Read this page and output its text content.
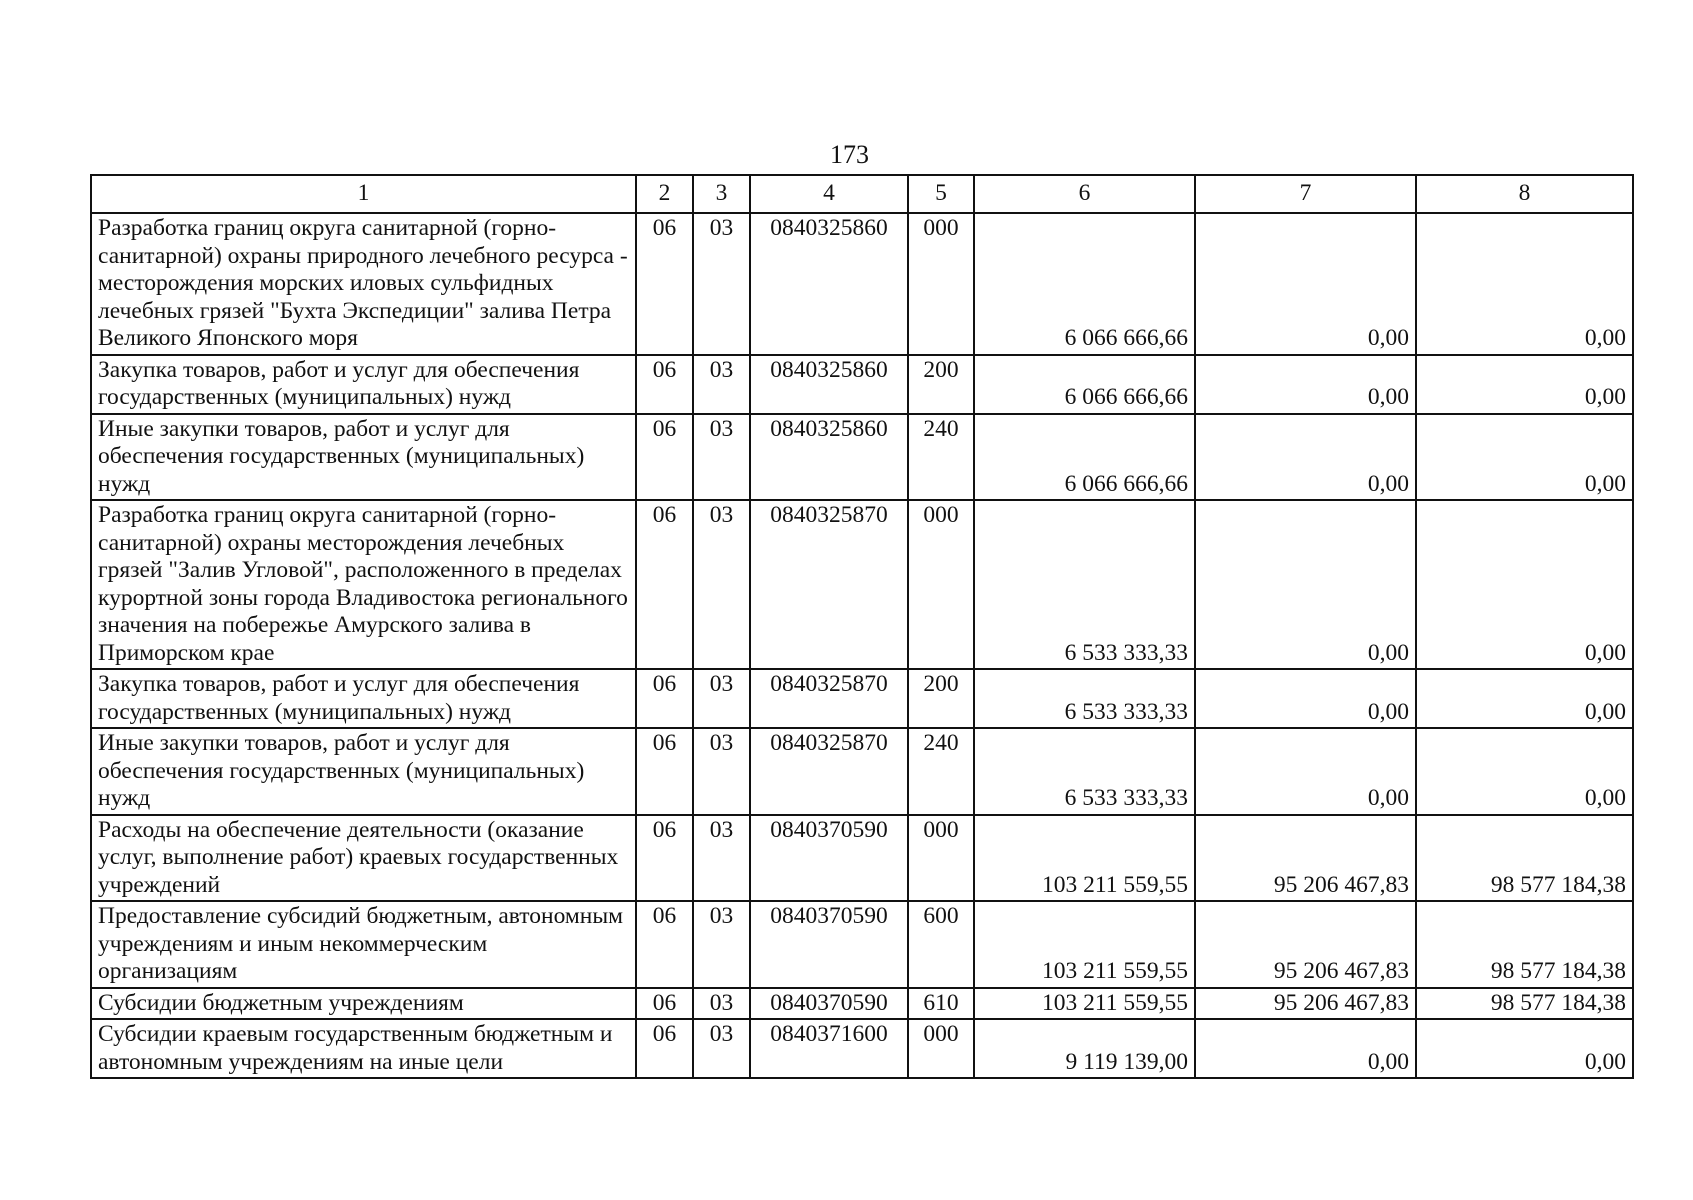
173
1	2	3	4	5	6	7	8
Разработка границ округа санитарной (горно-санитарной) охраны природного лечебного ресурса - месторождения морских иловых сульфидных лечебных грязей "Бухта Экспедиции" залива Петра Великого Японского моря	06	03	0840325860	000	6 066 666,66	0,00	0,00
Закупка товаров, работ и услуг для обеспечения государственных (муниципальных) нужд	06	03	0840325860	200	6 066 666,66	0,00	0,00
Иные закупки товаров, работ и услуг для обеспечения государственных (муниципальных) нужд	06	03	0840325860	240	6 066 666,66	0,00	0,00
Разработка границ округа санитарной (горно-санитарной) охраны месторождения лечебных грязей "Залив Угловой", расположенного в пределах курортной зоны города Владивостока регионального значения на побережье Амурского залива в Приморском крае	06	03	0840325870	000	6 533 333,33	0,00	0,00
Закупка товаров, работ и услуг для обеспечения государственных (муниципальных) нужд	06	03	0840325870	200	6 533 333,33	0,00	0,00
Иные закупки товаров, работ и услуг для обеспечения государственных (муниципальных) нужд	06	03	0840325870	240	6 533 333,33	0,00	0,00
Расходы на обеспечение деятельности (оказание услуг, выполнение работ) краевых государственных учреждений	06	03	0840370590	000	103 211 559,55	95 206 467,83	98 577 184,38
Предоставление субсидий бюджетным, автономным учреждениям и иным некоммерческим организациям	06	03	0840370590	600	103 211 559,55	95 206 467,83	98 577 184,38
Субсидии бюджетным учреждениям	06	03	0840370590	610	103 211 559,55	95 206 467,83	98 577 184,38
Субсидии краевым государственным бюджетным и автономным учреждениям на иные цели	06	03	0840371600	000	9 119 139,00	0,00	0,00
